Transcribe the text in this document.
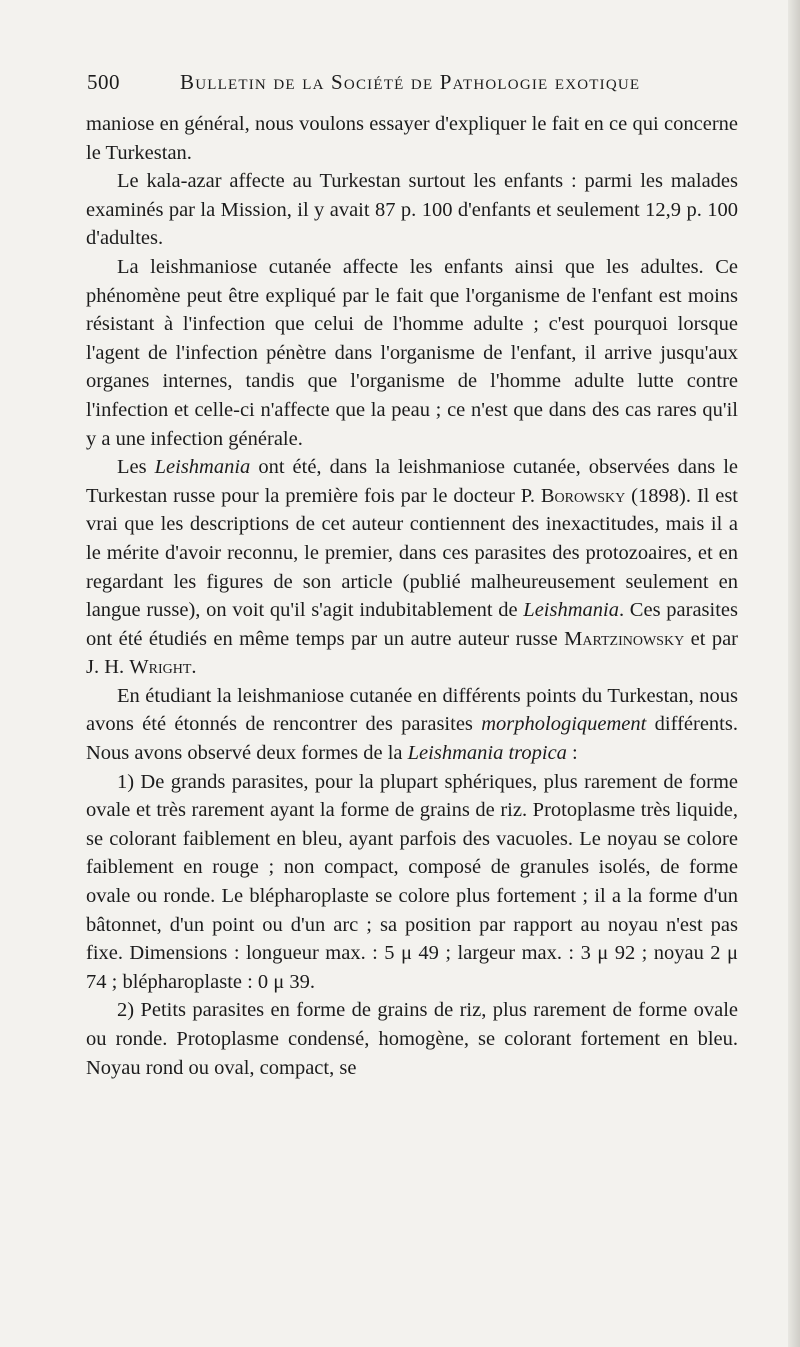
500	Bulletin de la Société de Pathologie exotique

maniose en général, nous voulons essayer d'expliquer le fait en ce qui concerne le Turkestan.

Le kala-azar affecte au Turkestan surtout les enfants : parmi les malades examinés par la Mission, il y avait 87 p. 100 d'enfants et seulement 12,9 p. 100 d'adultes.

La leishmaniose cutanée affecte les enfants ainsi que les adultes. Ce phénomène peut être expliqué par le fait que l'organisme de l'enfant est moins résistant à l'infection que celui de l'homme adulte ; c'est pourquoi lorsque l'agent de l'infection pénètre dans l'organisme de l'enfant, il arrive jusqu'aux organes internes, tandis que l'organisme de l'homme adulte lutte contre l'infection et celle-ci n'affecte que la peau ; ce n'est que dans des cas rares qu'il y a une infection générale.

Les Leishmania ont été, dans la leishmaniose cutanée, observées dans le Turkestan russe pour la première fois par le docteur P. Borowsky (1898). Il est vrai que les descriptions de cet auteur contiennent des inexactitudes, mais il a le mérite d'avoir reconnu, le premier, dans ces parasites des protozoaires, et en regardant les figures de son article (publié malheureusement seulement en langue russe), on voit qu'il s'agit indubitablement de Leishmania. Ces parasites ont été étudiés en même temps par un autre auteur russe Martzinowsky et par J. H. Wright.

En étudiant la leishmaniose cutanée en différents points du Turkestan, nous avons été étonnés de rencontrer des parasites morphologiquement différents. Nous avons observé deux formes de la Leishmania tropica :

1) De grands parasites, pour la plupart sphériques, plus rarement de forme ovale et très rarement ayant la forme de grains de riz. Protoplasme très liquide, se colorant faiblement en bleu, ayant parfois des vacuoles. Le noyau se colore faiblement en rouge ; non compact, composé de granules isolés, de forme ovale ou ronde. Le blépharoplaste se colore plus fortement ; il a la forme d'un bâtonnet, d'un point ou d'un arc ; sa position par rapport au noyau n'est pas fixe. Dimensions : longueur max. : 5 μ 49 ; largeur max. : 3 μ 92 ; noyau 2 μ 74 ; blépharoplaste : 0 μ 39.

2) Petits parasites en forme de grains de riz, plus rarement de forme ovale ou ronde. Protoplasme condensé, homogène, se colorant fortement en bleu. Noyau rond ou oval, compact, se
